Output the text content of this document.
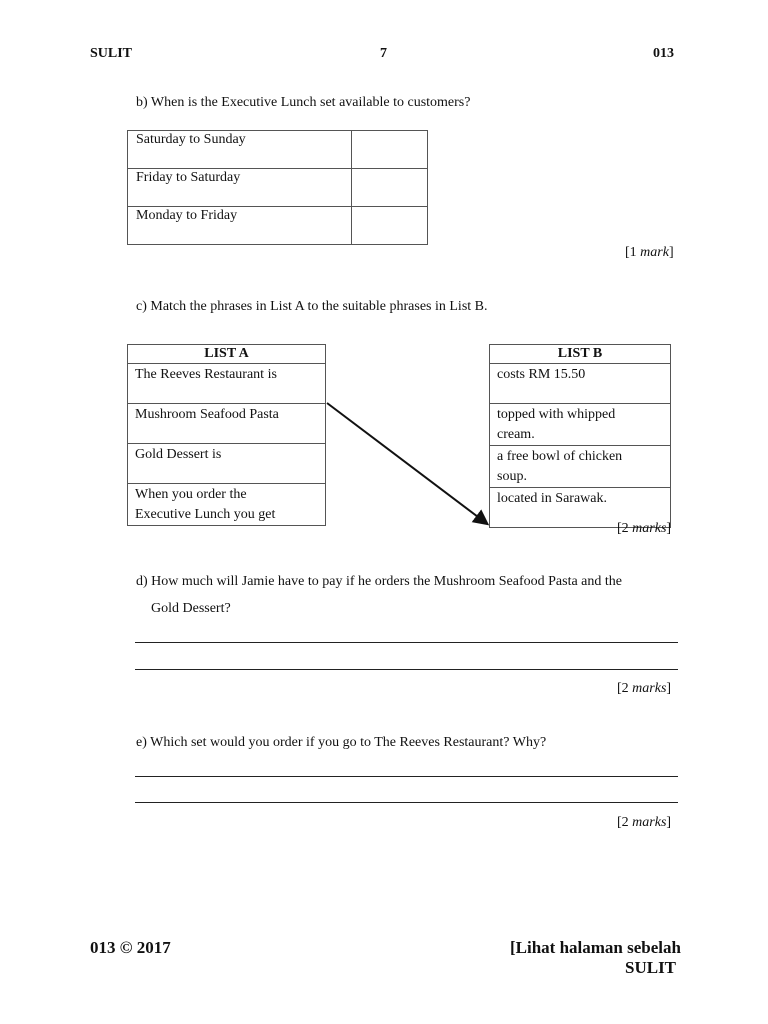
SULIT	7	013
b) When is the Executive Lunch set available to customers?
Saturday to Sunday	
Friday to Saturday	
Monday to Friday	
[1 mark]
c) Match the phrases in List A to the suitable phrases in List B.
LIST A
The Reeves Restaurant is
Mushroom Seafood Pasta
Gold Dessert is
When you order the
Executive Lunch you get
LIST B
costs RM 15.50
topped with whipped
cream.
a free bowl of chicken
soup.
located in Sarawak.
[2 marks]
d) How much will Jamie have to pay if he orders the Mushroom Seafood Pasta and the
Gold Dessert?
[2 marks]
e) Which set would you order if you go to The Reeves Restaurant? Why?
[2 marks]
013 © 2017	[Lihat halaman sebelah
SULIT
